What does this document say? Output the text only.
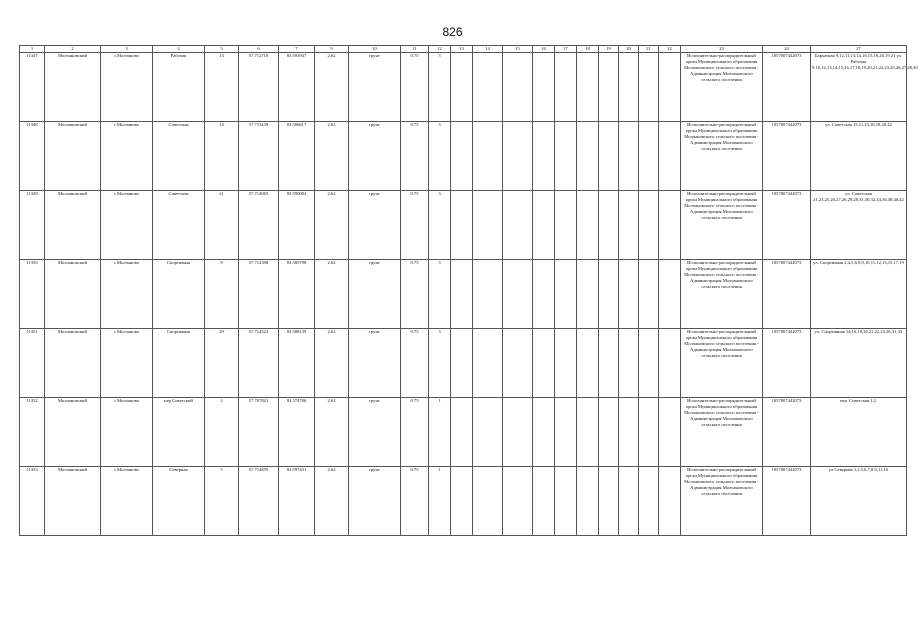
826
1	2	3	4	5	6	7	9	10	11	12	13	14	15	16	17	18	19	20	21	22	23	24	27
11347	Молчановский	с.Молчаново	Рабочая	13	57.712718	83.593947	2.62	грунт	0.75	3											Исполнительно-распорядительный орган Муниципального образования Молчановского сельского поселения - Администрация Молчановского сельского поселения	1057007442073	Бархатная 9,12,11,13,14,16,15,16,20,19,21 ул. Рабочая 9,10,12,13,14,15,16,17,18,19,20,21,22,23,25,26,27,28,30
11348	Молчановский	с.Молчаново	Советская	14	57.711439	83.586617	2.62	грунт	0.75	3											Исполнительно-распорядительный орган Муниципального образования Молчановского сельского поселения - Администрация Молчановского сельского поселения	1057007442073	ул. Советская 15,11,13,16,18,20,22
11349	Молчановский	с.Молчаново	Советская	21	57.714065	83.590084	2.62	грунт	0.75	3											Исполнительно-распорядительный орган Муниципального образования Молчановского сельского поселения - Администрация Молчановского сельского поселения	1057007442073	ул. Советская 21,23,25,26,27,26,29,28,31,30,32,34,36,38,40,42
11350	Молчановский	с.Молчаново	Спортивная	9	57.712398	83.585798	2.62	грунт	0.75	3											Исполнительно-распорядительный орган Муниципального образования Молчановского сельского поселения - Администрация Молчановского сельского поселения	1057007442073	ул. Спортивная 2,4,5,6,8,9,10,11,12,13,15,17,19
11351	Молчановский	с.Молчаново	Спортивная	29	57.714523	83.588139	2.62	грунт	0.75	3											Исполнительно-распорядительный орган Муниципального образования Молчановского сельского поселения - Администрация Молчановского сельского поселения	1057007442073	ул. Спортивная 14,16,18,20,21,22,23,26,31,33
11352	Молчановский	с.Молчаново	пер.Советский	2	57.707821	83.574706	2.62	грунт	0.75	1											Исполнительно-распорядительный орган Муниципального образования Молчановского сельского поселения - Администрация Молчановского сельского поселения	1057007442073	пер. Советская 1,2.
11353	Молчановский	с.Молчаново	Северная	5	57.714859	83.597431	2.62	грунт	0.75	1											Исполнительно-распорядительный орган Муниципального образования Молчановского сельского поселения - Администрация Молчановского сельского поселения	1057007442073	ул.Северная 1,2,5,6,7,8,9,11,16
